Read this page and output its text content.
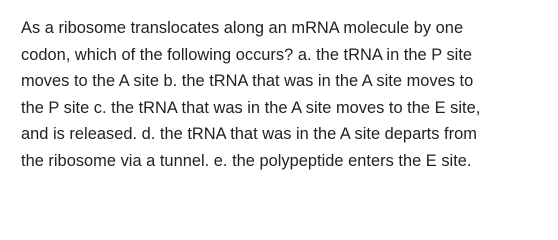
As a ribosome translocates along an mRNA molecule by one
codon, which of the following occurs? a. the tRNA in the P site
moves to the A site b. the tRNA that was in the A site moves to
the P site c. the tRNA that was in the A site moves to the E site,
and is released. d. the tRNA that was in the A site departs from
the ribosome via a tunnel. e. the polypeptide enters the E site.
